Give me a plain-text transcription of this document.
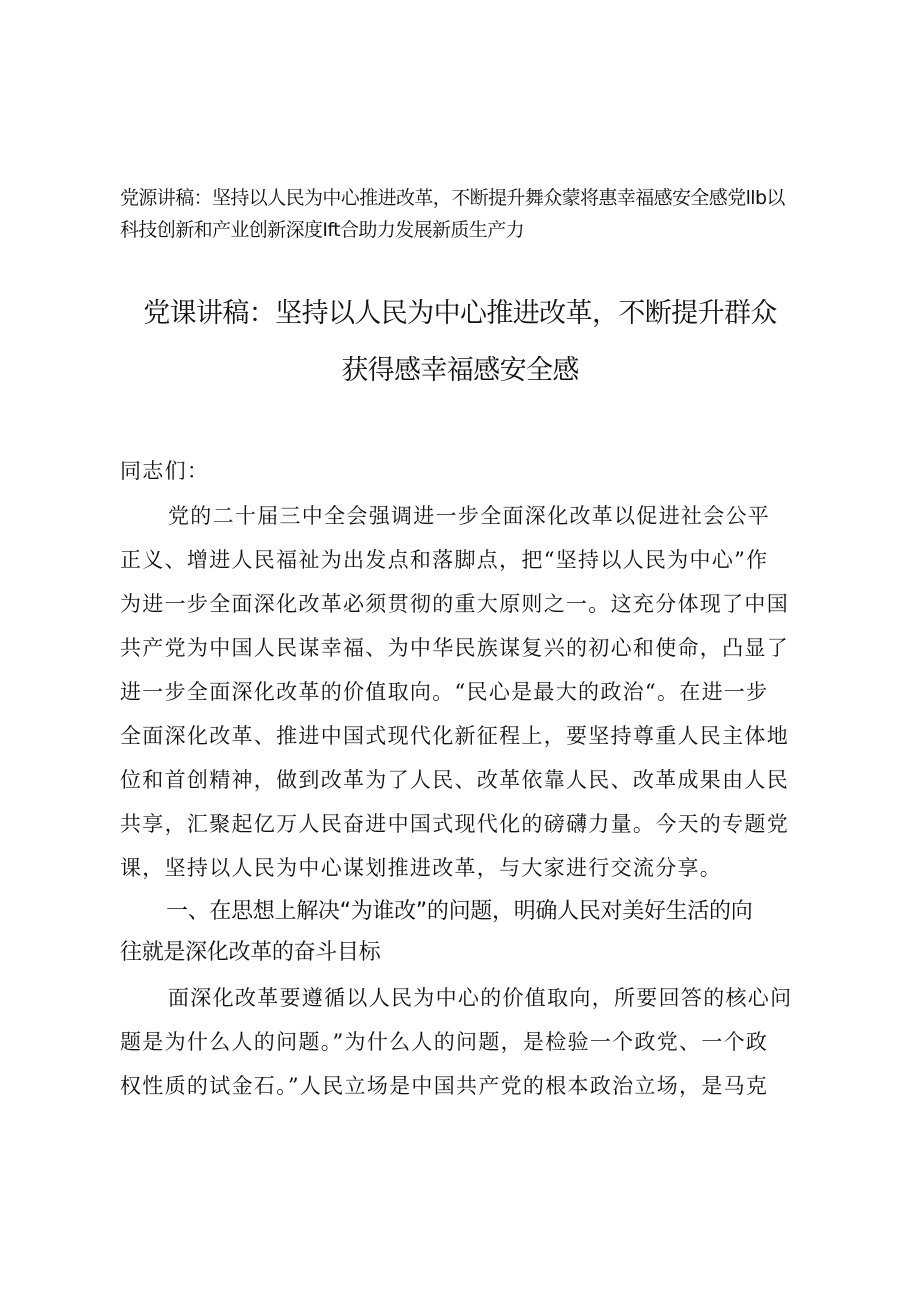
党源讲稿：坚持以人民为中心推进改革，不断提升舞众蒙将惠幸福感安全感党llb以
科技创新和产业创新深度Ift合助力发展新质生产力
党课讲稿：坚持以人民为中心推进改革，不断提升群众
获得感幸福感安全感
同志们：
党的二十届三中全会强调进一步全面深化改革以促进社会公平
正义、增进人民福祉为出发点和落脚点，把“坚持以人民为中心”作
为进一步全面深化改革必须贯彻的重大原则之一。这充分体现了中国
共产党为中国人民谋幸福、为中华民族谋复兴的初心和使命，凸显了
进一步全面深化改革的价值取向。“民心是最大的政治“。在进一步
全面深化改革、推进中国式现代化新征程上，要坚持尊重人民主体地
位和首创精神，做到改革为了人民、改革依靠人民、改革成果由人民
共享，汇聚起亿万人民奋进中国式现代化的磅礴力量。今天的专题党
课，坚持以人民为中心谋划推进改革，与大家进行交流分享。
一、在思想上解决“为谁改”的问题，明确人民对美好生活的向
往就是深化改革的奋斗目标
面深化改革要遵循以人民为中心的价值取向，所要回答的核心问
题是为什么人的问题。”为什么人的问题，是检验一个政党、一个政
权性质的试金石。”人民立场是中国共产党的根本政治立场，是马克
